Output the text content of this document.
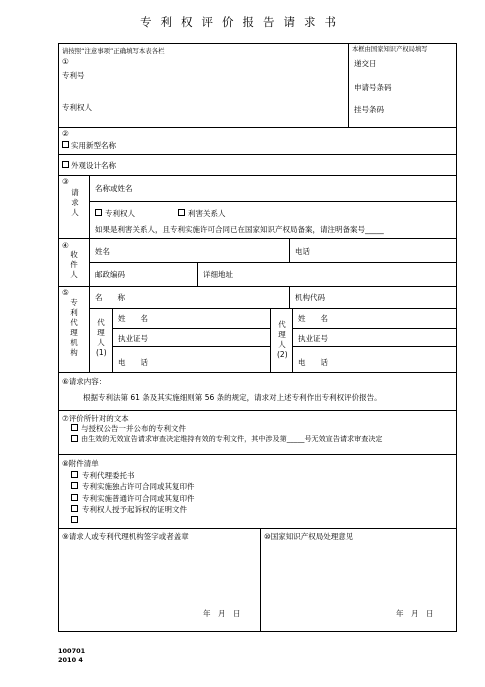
专利权评价报告请求书
请按照“注意事项”正确填写本表各栏	本框由国家知识产权局填写
递交日
申请号条码
挂号条码
①
专利号
专利权人
②
实用新型名称
外观设计名称
③
请求人
名称或姓名
专利权人	利害关系人
如果是利害关系人，且专利实施许可合同已在国家知识产权局备案，请注明备案号_____
④
收件人
姓名	电话
邮政编码	详细地址
⑤
专利代理机构
名　　称	机构代码
代理人(1)
姓　　名
执业证号
电　　话
代理人(2)
姓　　名
执业证号
电　　话
⑥请求内容：
根据专利法第 61 条及其实施细则第 56 条的规定，请求对上述专利作出专利权评价报告。
⑦评价所针对的文本
与授权公告一并公布的专利文件
由生效的无效宣告请求审查决定维持有效的专利文件，其中涉及第_____号无效宣告请求审查决定
⑧附件清单
专利代理委托书
专利实施独占许可合同或其复印件
专利实施普通许可合同或其复印件
专利权人授予起诉权的证明文件
⑨请求人或专利代理机构签字或者盖章
年　月　日
⑩国家知识产权局处理意见
年　月　日
100701
2010 4
